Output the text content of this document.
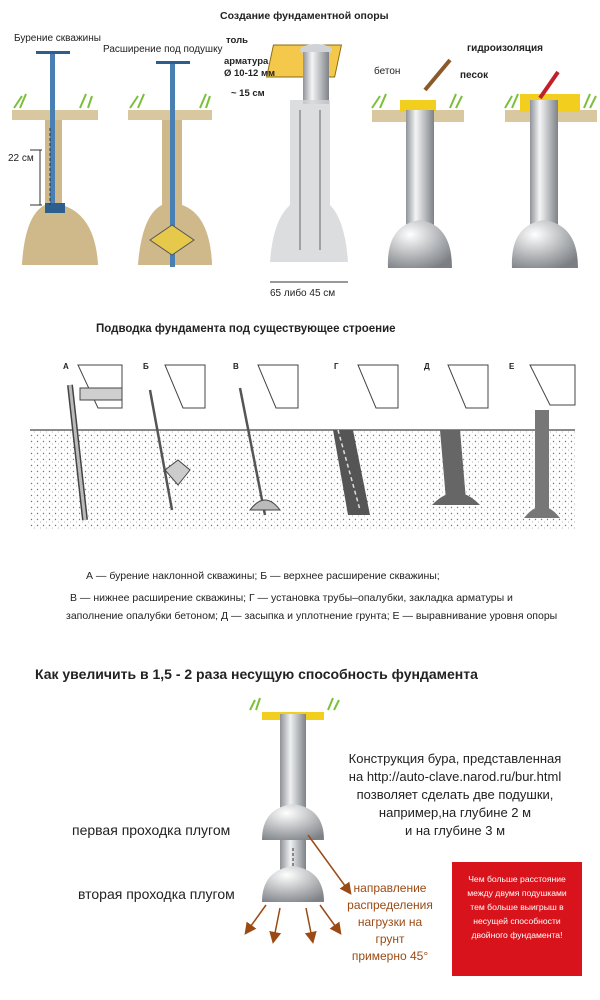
Создание фундаментной опоры
Бурение скважины
Расширение под подушку
22 см
толь
арматура
Ø 10-12 мм
~ 15 см
бетон	песок
гидроизоляция
65 либо 45 см
Подводка фундамента под существующее строение
А	Б	В	Г	Д	Е
А — бурение наклонной скважины; Б — верхнее расширение скважины;
В — нижнее расширение скважины; Г — установка трубы–опалубки, закладка арматуры и
заполнение опалубки бетоном; Д — засыпка и уплотнение грунта; Е — выравнивание уровня опоры
Как увеличить в 1,5 - 2 раза несущую способность фундамента
Конструкция бура, представленная
на http://auto-clave.narod.ru/bur.html
позволяет сделать две подушки,
например,на глубине 2 м
и на глубине 3 м
первая проходка плугом
вторая проходка плугом	направление
распределения
нагрузки на
грунт
примерно 45°
Чем больше расстояние
между двумя подушками
тем больше выигрыш в
несущей способности
двойного фундамента!
